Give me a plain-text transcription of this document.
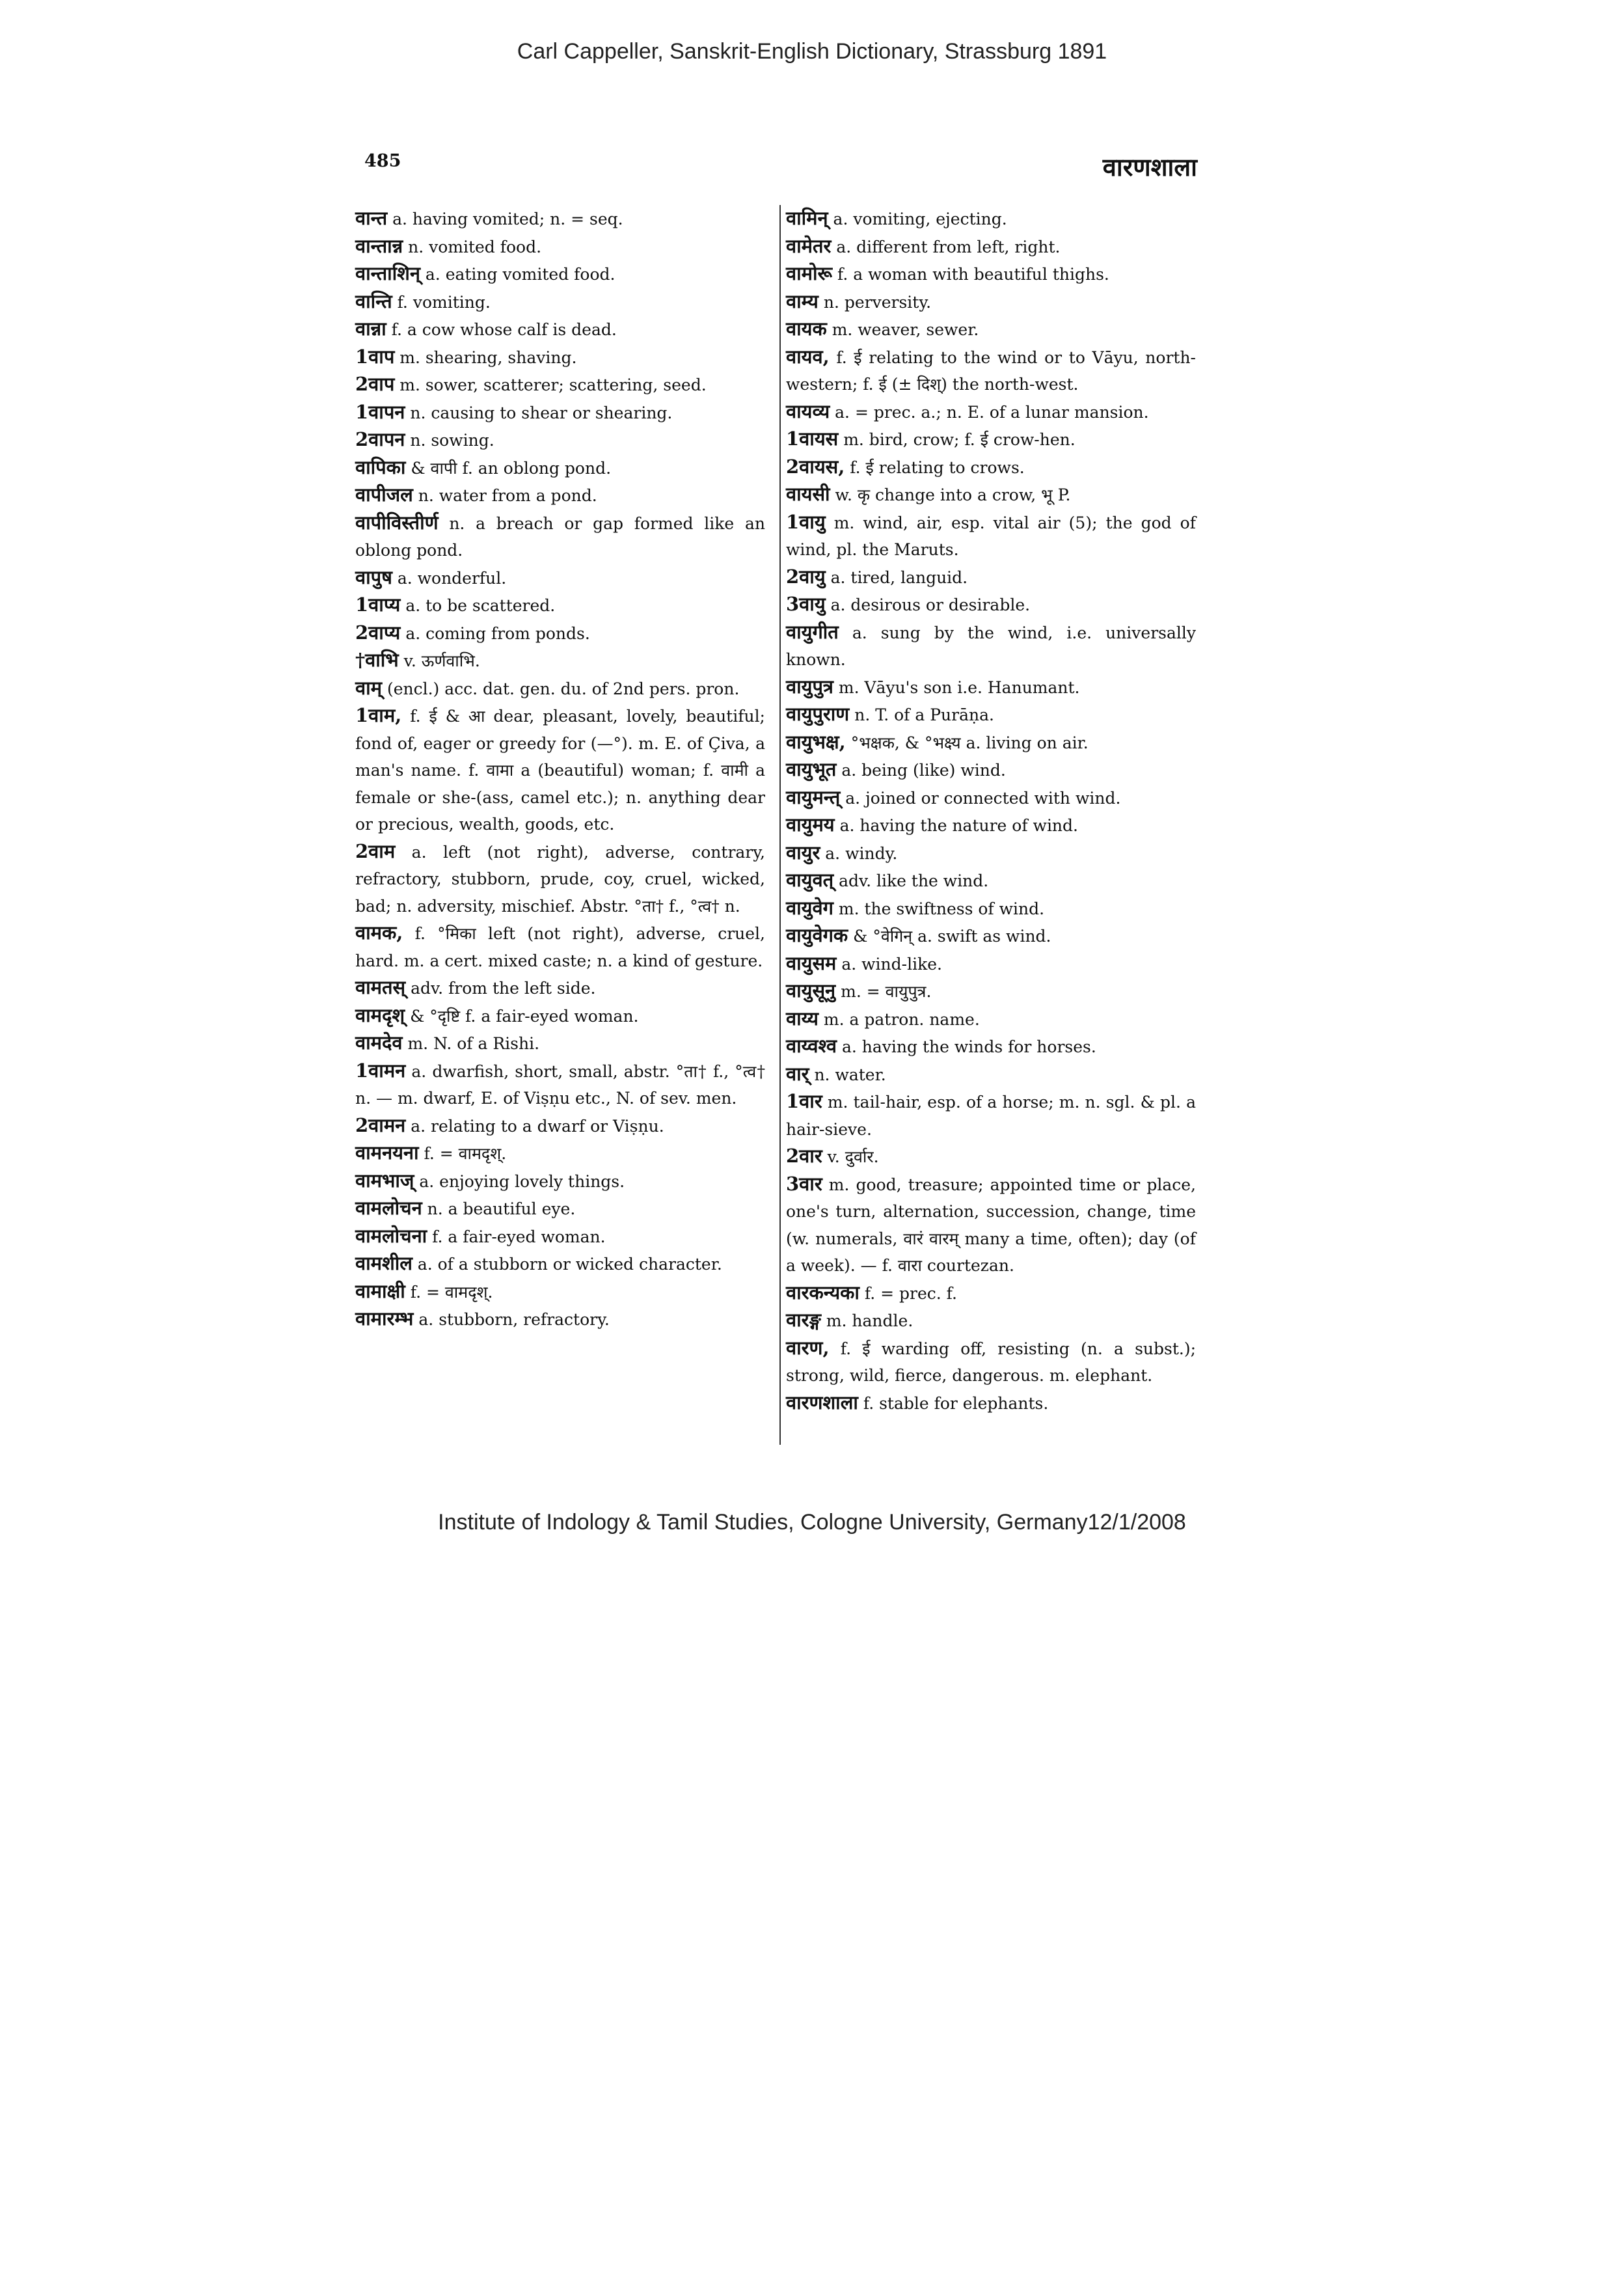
Carl Cappeller, Sanskrit-English Dictionary, Strassburg 1891
485	वारणशाला
वान्त a. having vomited; n. = seq.
वान्तान्न n. vomited food.
वान्ताशिन् a. eating vomited food.
वान्ति f. vomiting.
वान्ना f. a cow whose calf is dead.
1वाप m. shearing, shaving.
2वाप m. sower, scatterer; scattering, seed.
1वापन n. causing to shear or shearing.
2वापन n. sowing.
वापिका & वापी f. an oblong pond.
वापीजल n. water from a pond.
वापीविस्तीर्ण n. a breach or gap formed like an oblong pond.
वापुष a. wonderful.
1वाप्य a. to be scattered.
2वाप्य a. coming from ponds.
†वाभि v. ऊर्णवाभि.
वाम् (encl.) acc. dat. gen. du. of 2nd pers. pron.
1वाम, f. ई & आ dear, pleasant, lovely, beautiful; fond of, eager or greedy for (—°). m. E. of Çiva, a man's name. f. वामा a (beautiful) woman; f. वामी a female or she-(ass, camel etc.); n. anything dear or precious, wealth, goods, etc.
2वाम a. left (not right), adverse, contrary, refractory, stubborn, prude, coy, cruel, wicked, bad; n. adversity, mischief. Abstr. °ता† f., °त्व† n.
वामक, f. °मिका left (not right), adverse, cruel, hard. m. a cert. mixed caste; n. a kind of gesture.
वामतस् adv. from the left side.
वामदृश् & °दृष्टि f. a fair-eyed woman.
वामदेव m. N. of a Rishi.
1वामन a. dwarfish, short, small, abstr. °ता† f., °त्व† n. — m. dwarf, E. of Viṣṇu etc., N. of sev. men.
2वामन a. relating to a dwarf or Viṣṇu.
वामनयना f. = वामदृश्.
वामभाज् a. enjoying lovely things.
वामलोचन n. a beautiful eye.
वामलोचना f. a fair-eyed woman.
वामशील a. of a stubborn or wicked character.
वामाक्षी f. = वामदृश्.
वामारम्भ a. stubborn, refractory.
वामिन् a. vomiting, ejecting.
वामेतर a. different from left, right.
वामोरू f. a woman with beautiful thighs.
वाम्य n. perversity.
वायक m. weaver, sewer.
वायव, f. ई relating to the wind or to Vāyu, north-western; f. ई (± दिश्) the north-west.
वायव्य a. = prec. a.; n. E. of a lunar mansion.
1वायस m. bird, crow; f. ई crow-hen.
2वायस, f. ई relating to crows.
वायसी w. कृ change into a crow, भू P.
1वायु m. wind, air, esp. vital air (5); the god of wind, pl. the Maruts.
2वायु a. tired, languid.
3वायु a. desirous or desirable.
वायुगीत a. sung by the wind, i.e. universally known.
वायुपुत्र m. Vāyu's son i.e. Hanumant.
वायुपुराण n. T. of a Purāṇa.
वायुभक्ष, °भक्षक, & °भक्ष्य a. living on air.
वायुभूत a. being (like) wind.
वायुमन्त् a. joined or connected with wind.
वायुमय a. having the nature of wind.
वायुर a. windy.
वायुवत् adv. like the wind.
वायुवेग m. the swiftness of wind.
वायुवेगक & °वेगिन् a. swift as wind.
वायुसम a. wind-like.
वायुसूनु m. = वायुपुत्र.
वाय्य m. a patron. name.
वाय्वश्व a. having the winds for horses.
वार् n. water.
1वार m. tail-hair, esp. of a horse; m. n. sgl. & pl. a hair-sieve.
2वार v. दुर्वार.
3वार m. good, treasure; appointed time or place, one's turn, alternation, succession, change, time (w. numerals, वारं वारम् many a time, often); day (of a week). — f. वारा courtezan.
वारकन्यका f. = prec. f.
वारङ्ग m. handle.
वारण, f. ई warding off, resisting (n. a subst.); strong, wild, fierce, dangerous. m. elephant.
वारणशाला f. stable for elephants.
Institute of Indology & Tamil Studies, Cologne University, Germany12/1/2008
